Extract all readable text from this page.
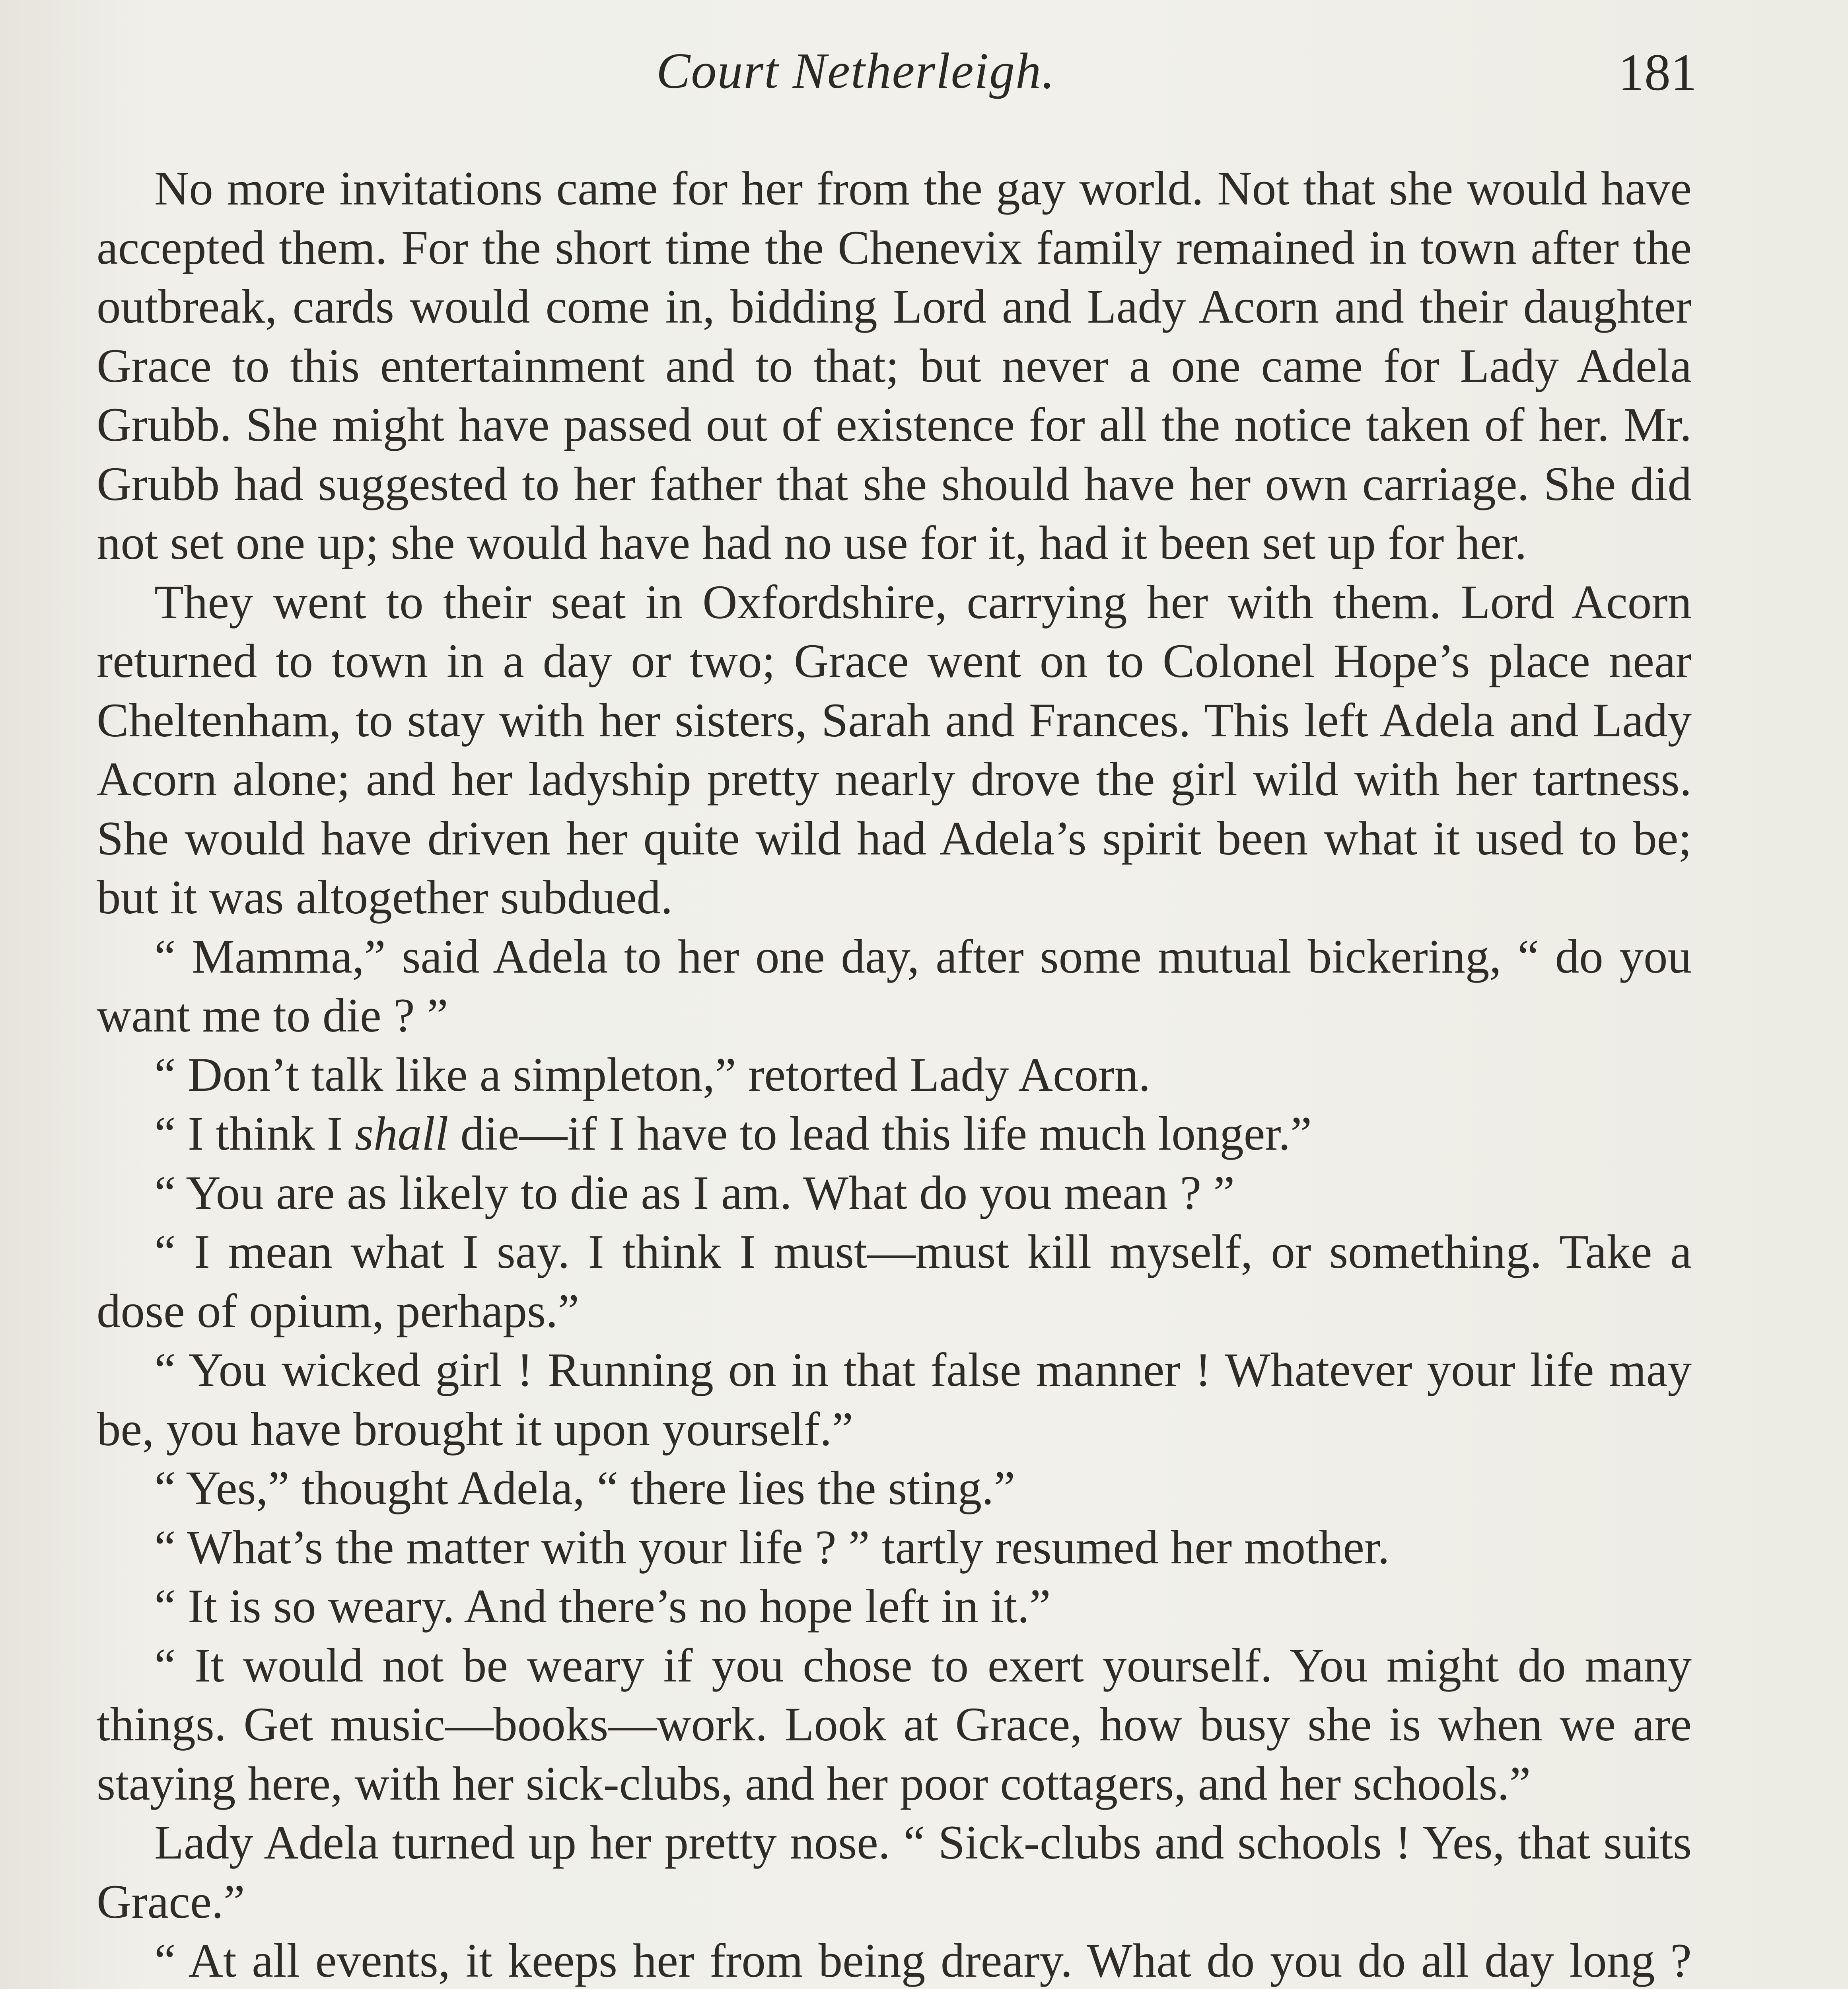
Court Netherleigh.	181

No more invitations came for her from the gay world. Not that she would have accepted them. For the short time the Chenevix family remained in town after the outbreak, cards would come in, bidding Lord and Lady Acorn and their daughter Grace to this entertainment and to that; but never a one came for Lady Adela Grubb. She might have passed out of existence for all the notice taken of her. Mr. Grubb had suggested to her father that she should have her own carriage. She did not set one up; she would have had no use for it, had it been set up for her.

They went to their seat in Oxfordshire, carrying her with them. Lord Acorn returned to town in a day or two; Grace went on to Colonel Hope’s place near Cheltenham, to stay with her sisters, Sarah and Frances. This left Adela and Lady Acorn alone; and her ladyship pretty nearly drove the girl wild with her tartness. She would have driven her quite wild had Adela’s spirit been what it used to be; but it was altogether subdued.

“ Mamma,” said Adela to her one day, after some mutual bickering, “ do you want me to die ? ”

“ Don’t talk like a simpleton,” retorted Lady Acorn.

“ I think I shall die—if I have to lead this life much longer.”

“ You are as likely to die as I am. What do you mean ? ”

“ I mean what I say. I think I must—must kill myself, or something. Take a dose of opium, perhaps.”

“ You wicked girl ! Running on in that false manner ! Whatever your life may be, you have brought it upon yourself.”

“ Yes,” thought Adela, “ there lies the sting.”

“ What’s the matter with your life ? ” tartly resumed her mother.

“ It is so weary. And there’s no hope left in it.”

“ It would not be weary if you chose to exert yourself. You might do many things. Get music—books—work. Look at Grace, how busy she is when we are staying here, with her sick-clubs, and her poor cottagers, and her schools.”

Lady Adela turned up her pretty nose. “ Sick-clubs and schools ! Yes, that suits Grace.”

“ At all events, it keeps her from being dreary. What do you do all day long ?
